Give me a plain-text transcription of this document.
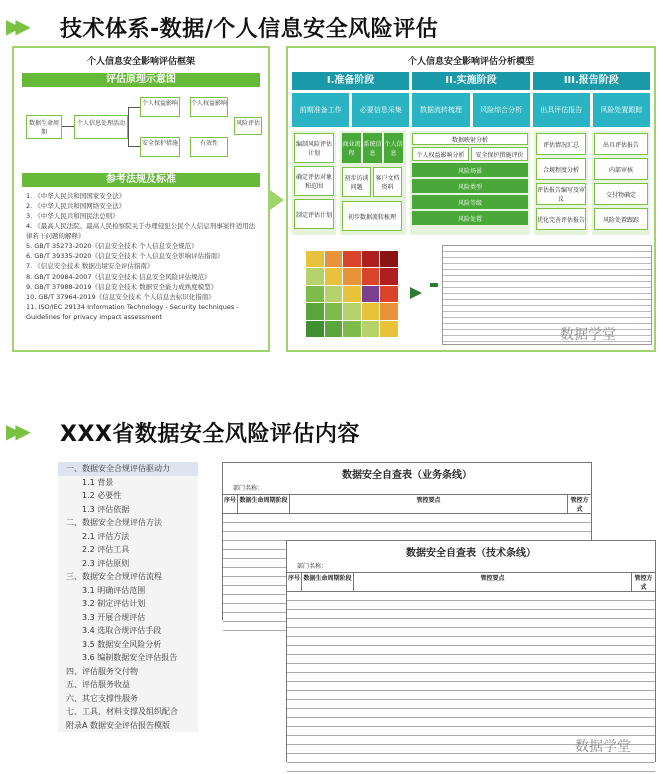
▶▶ 技术体系-数据/个人信息安全风险评估
个人信息安全影响评估框架
评估原理示意图
数据生命周期
个人信息处理活动
个人权益影响	个人权益影响
安全保护措施	有效性
风险评估
参考法规及标准
1. 《中华人民共和国国家安全法》
2. 《中华人民共和国网络安全法》
3. 《中华人民共和国民法总则》
4. 《最高人民法院、最高人民检察院关于办理侵犯公民个人信息刑事案件适用法律若干问题的解释》
5. GB/T 35273-2020《信息安全技术 个人信息安全规范》
6. GB/T 39335-2020《信息安全技术 个人信息安全影响评估指南》
7. 《信息安全技术 数据出境安全评估指南》
8. GB/T 20984-2007《信息安全技术 信息安全风险评估规范》
9. GB/T 37988-2019《信息安全技术 数据安全能力成熟度模型》
10. GB/T 37964-2019《信息安全技术 个人信息去标识化指南》
11. ISO/IEC 29134 Information Technology - Security techniques - Guidelines for privacy impact assessment
个人信息安全影响评估分析模型
I.准备阶段	II.实施阶段	III.报告阶段
前期准备工作	必要信息采集	数据流转梳理	风险综合分析	出具评估报告	风险处置跟踪
编制风险评估计划
确定评估对象和范围
制定评估计划
商业流程
系统信息
个人信息
初步访谈问题
客户文档资料
初步数据流转梳理
数据映射分析
个人权益影响分析	安全保护措施评价
风险场景
风险类型
风险等级
风险处置
评估情况汇总
合规程度分析
评估报告编写及审议
优化完善评估报告
出具评估报告
内部审核
交付物确定
风险处置跟踪
数据学堂
▶▶ XXX省数据安全风险评估内容
一、数据安全合规评估驱动力
1.1 背景
1.2 必要性
1.3 评估依据
二、数据安全合规评估方法
2.1 评估方法
2.2 评估工具
2.3 评估原则
三、数据安全合规评估流程
3.1 明确评估范围
3.2 制定评估计划
3.3 开展合规评估
3.4 选取合规评估手段
3.5 数据安全风险分析
3.6 编制数据安全评估报告
四、评估服务交付物
五、评估服务收益
六、其它支撑性服务
七、工具、材料支撑及组织配合
附录A 数据安全评估报告模版
数据安全自查表（业务条线）
部门名称：
序号 数据生命周期阶段	管控要点	管控方式
数据安全自查表（技术条线）
部门名称：
序号 数据生命周期阶段	管控要点	管控方式
数据学堂
